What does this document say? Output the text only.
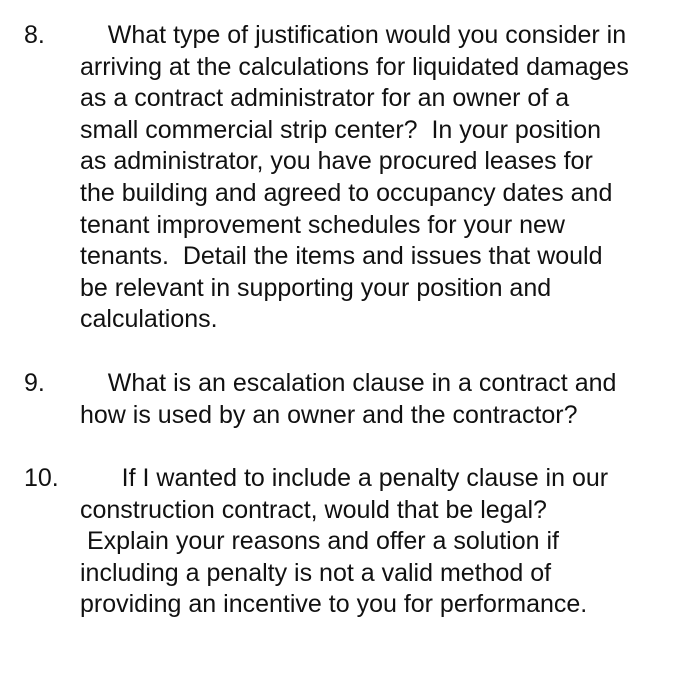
8. What type of justification would you consider in
arriving at the calculations for liquidated damages
as a contract administrator for an owner of a
small commercial strip center?  In your position
as administrator, you have procured leases for
the building and agreed to occupancy dates and
tenant improvement schedules for your new
tenants.  Detail the items and issues that would
be relevant in supporting your position and
calculations.
9. What is an escalation clause in a contract and
how is used by an owner and the contractor?
10. If I wanted to include a penalty clause in our
construction contract, would that be legal?
Explain your reasons and offer a solution if
including a penalty is not a valid method of
providing an incentive to you for performance.
